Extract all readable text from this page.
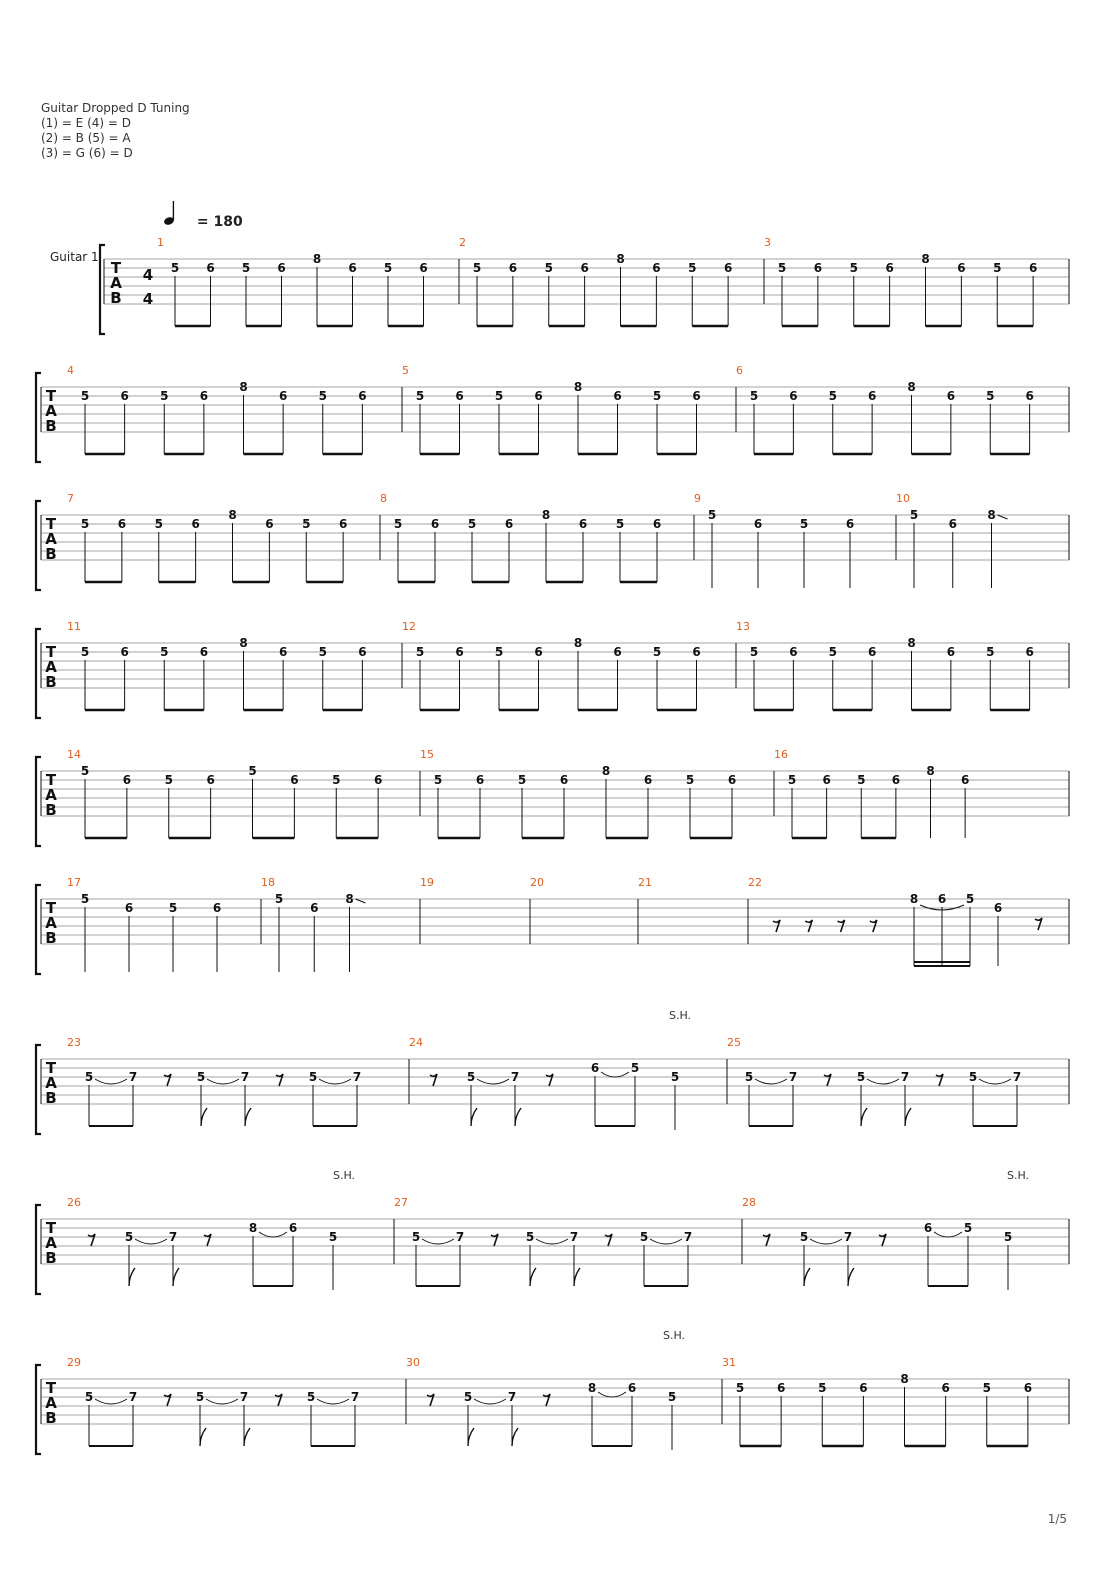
Guitar Dropped D Tuning
(1) = E (4) = D
(2) = B (5) = A
(3) = G (6) = D
= 180
Guitar 1
T
A
B
4
4
1
5 6 5 6
8
6 5 6
2
5 6 5 6
8
6 5 6
3
5 6 5 6
8
6 5 6
T
A
B
4
5	6	5	6
8
6	5	6
5
5	6	5	6
8
6	5	6
6
5	6	5	6
8
6	5	6
T
A
B
7
5 6 5 6
8
6 5 6
8
5 6 5 6
8
6 5 6
9
5
6	5	6
10
5
6
8
T
A
B
11
5	6	5	6
8
6	5	6
12
5	6	5	6
8
6	5	6
13
5	6	5	6
8
6	5	6
T
A
B
14
5
6	5	6
5
6	5	6
15
5	6	5	6
8
6	5	6
16
5 6 5 6
8
6
T
A
B
17
5
6	5	6
18
5
6
8
19	20	21	22
8 6 5
6
T
A
B
S.H.
23
5	7	5	7	5	7
24
5	7
6	5
5
25
5	7	5	7	5	7
T
A
B
S.H.	S.H.
26
5	7
8	6
5
27
5	7	5	7	5	7
28
5	7
6	5
5
T
A
B
S.H.
29
5	7	5	7	5	7
30
5	7
8	6
5
31
5	6	5	6
8
6	5	6
1/5
